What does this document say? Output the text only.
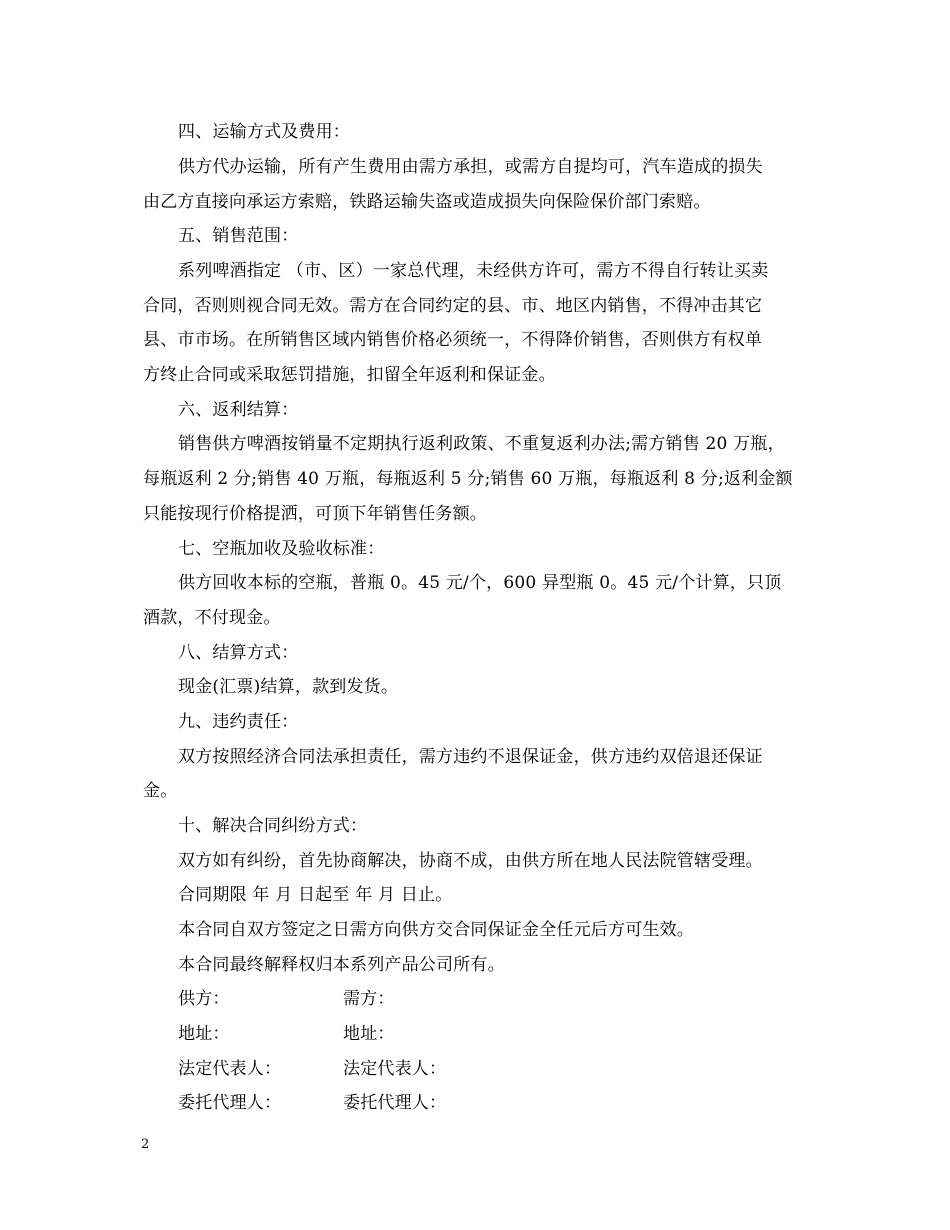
四、运输方式及费用：
供方代办运输，所有产生费用由需方承担，或需方自提均可，汽车造成的损失
由乙方直接向承运方索赔，铁路运输失盗或造成损失向保险保价部门索赔。
五、销售范围：
系列啤酒指定 （市、区）一家总代理，未经供方许可，需方不得自行转让买卖
合同，否则则视合同无效。需方在合同约定的县、市、地区内销售，不得冲击其它
县、市市场。在所销售区域内销售价格必须统一，不得降价销售，否则供方有权单
方终止合同或采取惩罚措施，扣留全年返利和保证金。
六、返利结算：
销售供方啤酒按销量不定期执行返利政策、不重复返利办法;需方销售 20 万瓶，
每瓶返利 2 分;销售 40 万瓶，每瓶返利 5 分;销售 60 万瓶，每瓶返利 8 分;返利金额
只能按现行价格提洒，可顶下年销售任务额。
七、空瓶加收及验收标准：
供方回收本标的空瓶，普瓶 0。45 元/个，600 异型瓶 0。45 元/个计算，只顶
酒款，不付现金。
八、结算方式：
现金(汇票)结算，款到发货。
九、违约责任：
双方按照经济合同法承担责任，需方违约不退保证金，供方违约双倍退还保证
金。
十、解决合同纠纷方式：
双方如有纠纷，首先协商解决，协商不成，由供方所在地人民法院管辖受理。
合同期限 年 月 日起至 年 月 日止。
本合同自双方签定之日需方向供方交合同保证金全任元后方可生效。
本合同最终解释权归本系列产品公司所有。
供方：	需方：
地址：	地址：
法定代表人：	法定代表人：
委托代理人：	委托代理人：
2
